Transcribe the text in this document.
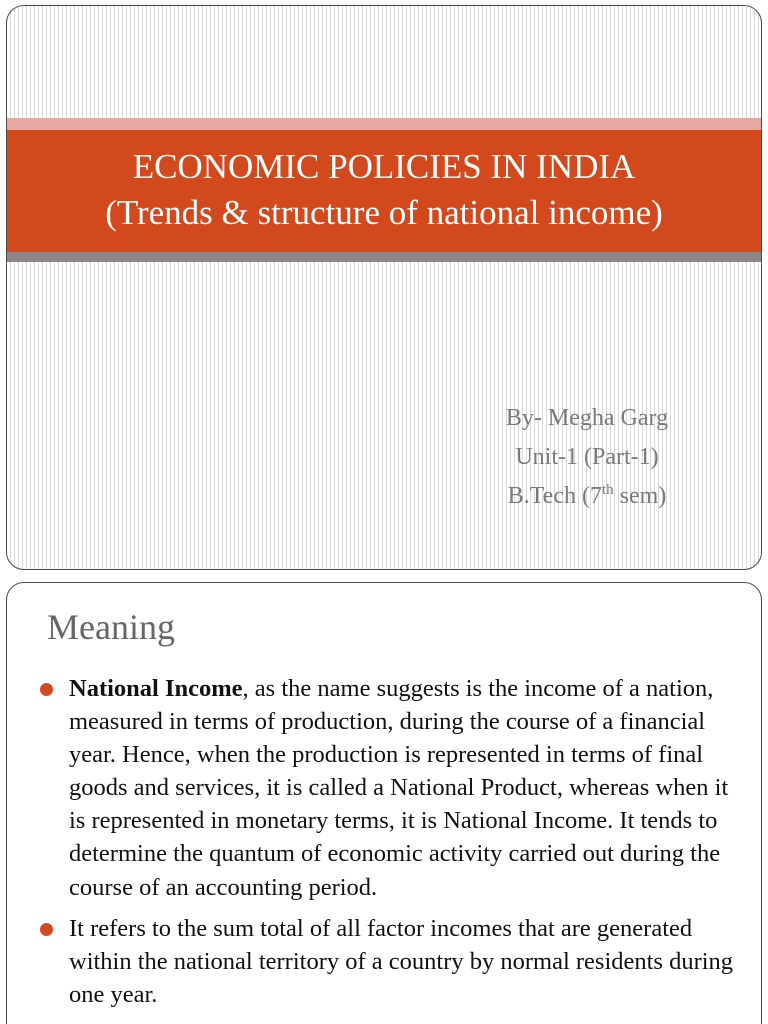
ECONOMIC POLICIES IN INDIA
(Trends & structure of national income)
By- Megha Garg
Unit-1 (Part-1)
B.Tech (7th sem)
Meaning
National Income, as the name suggests is the income of a nation, measured in terms of production, during the course of a financial year. Hence, when the production is represented in terms of final goods and services, it is called a National Product, whereas when it is represented in monetary terms, it is National Income. It tends to determine the quantum of economic activity carried out during the course of an accounting period.
It refers to the sum total of all factor incomes that are generated within the national territory of a country by normal residents during one year.
